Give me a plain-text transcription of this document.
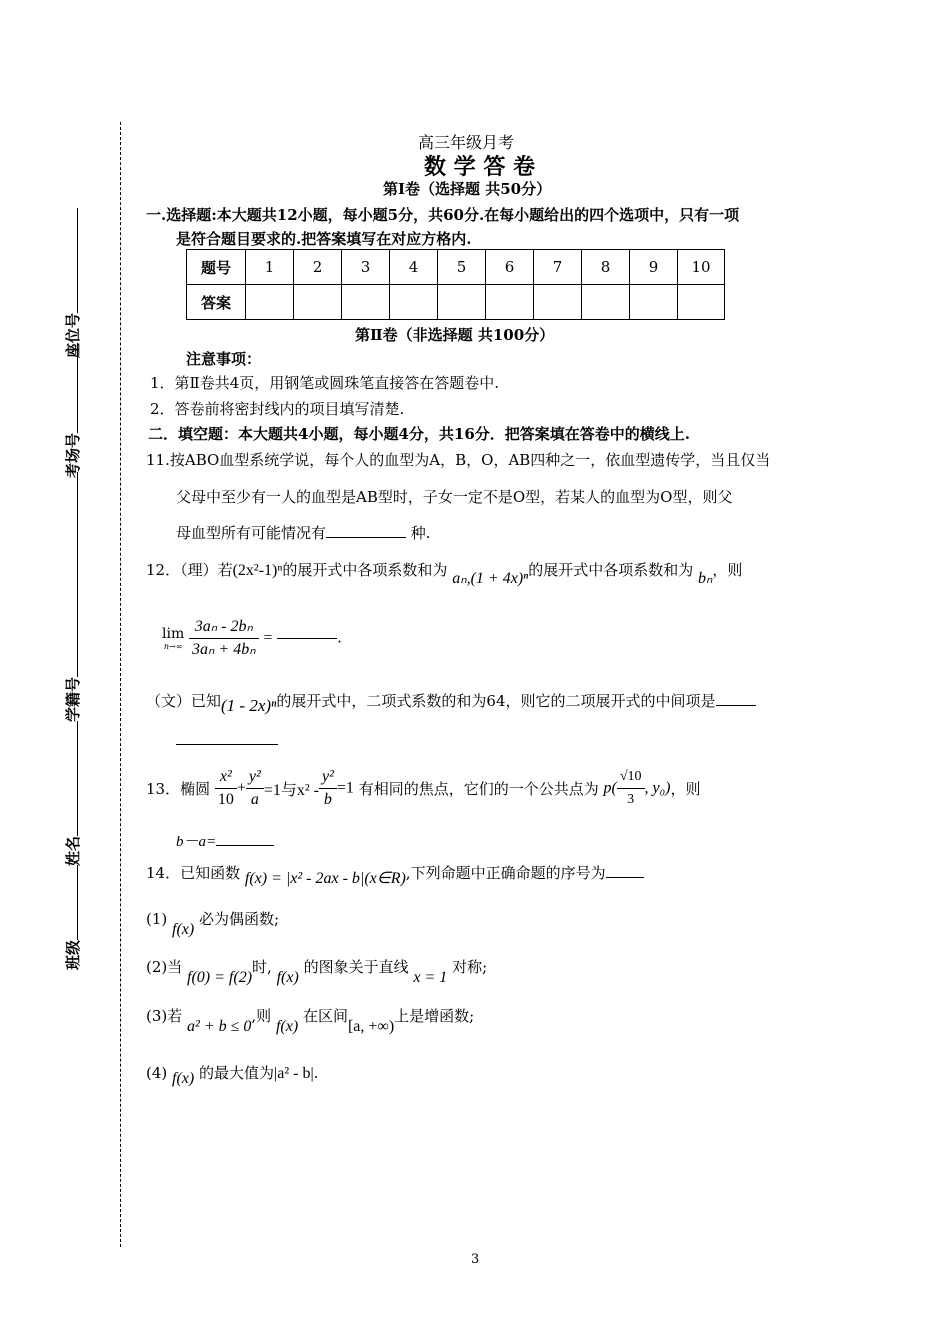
座位号
考场号
学籍号
姓名
班级
高三年级月考
数 学 答 卷
第Ⅰ卷（选择题 共50分）
一.选择题:本大题共12小题，每小题5分，共60分.在每小题给出的四个选项中，只有一项
是符合题目要求的.把答案填写在对应方格内.
题号	1	2	3	4	5	6	7	8	9	10
答案										
第Ⅱ卷（非选择题 共100分）
注意事项：
1．第Ⅱ卷共4页，用钢笔或圆珠笔直接答在答题卷中.
2．答卷前将密封线内的项目填写清楚.
二．填空题：本大题共4小题，每小题4分，共16分．把答案填在答卷中的横线上.
11.按ABO血型系统学说，每个人的血型为A，B，O，AB四种之一，依血型遗传学，当且仅当
父母中至少有一人的血型是AB型时，子女一定不是O型，若某人的血型为O型，则父
母血型所有可能情况有	种.
12．（理）若(2x²-1)ⁿ的展开式中各项系数和为 aₙ,(1 + 4x)ⁿ的展开式中各项系数和为 bₙ，则
lim
n→∞
$\frac{\text{3aₙ - 2bₙ}}{\text{3aₙ + 4bₙ}}$ =	.
（文）已知(1 - 2x)ⁿ的展开式中，二项式系数的和为64，则它的二项展开式的中间项是
13．椭圆 $\frac{\text{x²}}{10} + \frac{\text{y²}}{a} =1$与$x^2 - \frac{\text{y²}}{b} =1$ 有相同的焦点，它们的一个公共点为 $p( \frac{√10}{3}$ , y₀)，则
b－a=
14．已知函数 f(x) = |x² - 2ax - b|(x∈R),下列命题中正确命题的序号为
(1) f(x) 必为偶函数;
(2)当 f(0) = f(2)时, f(x) 的图象关于直线 x = 1 对称;
(3)若 a² + b ≤ 0,则 f(x) 在区间[a, +∞)上是增函数;
(4) f(x) 的最大值为|a² - b|.
3
